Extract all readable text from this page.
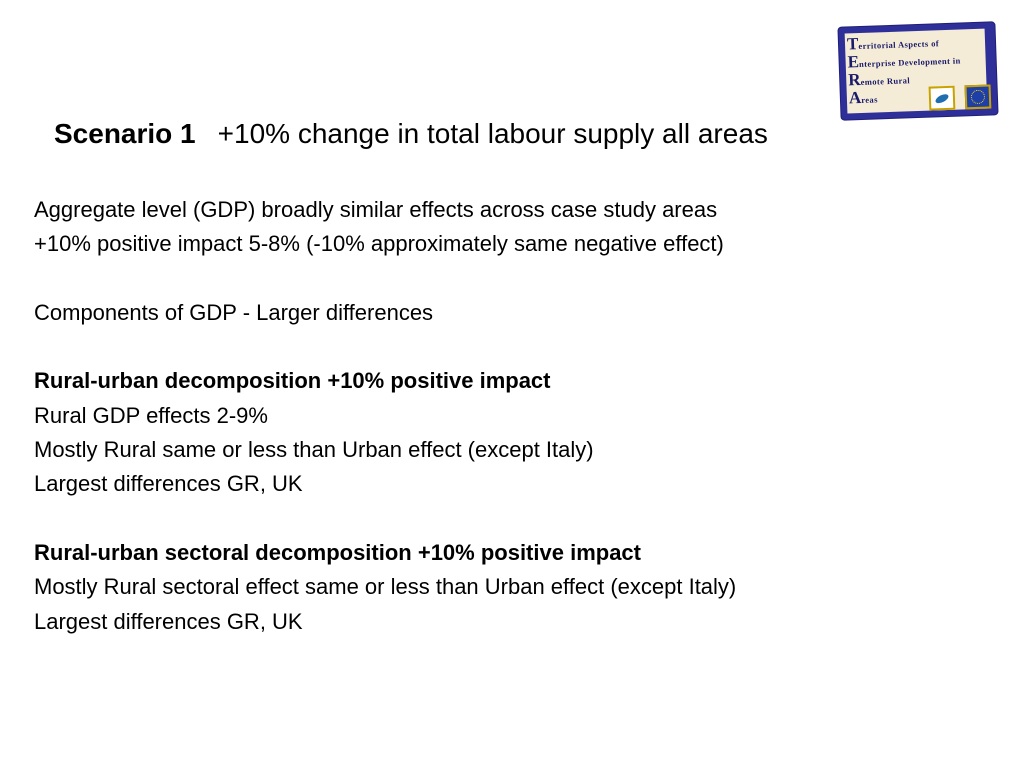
Territorial Aspects of
Enterprise Development in
Remote Rural
Areas
Scenario 1 +10% change in total labour supply all areas
Aggregate level (GDP) broadly similar effects across case study areas
+10% positive impact 5-8% (-10% approximately same negative effect)
Components of GDP - Larger differences
Rural-urban decomposition +10% positive impact
Rural GDP effects 2-9%
Mostly Rural same or less than Urban effect (except Italy)
Largest differences GR, UK
Rural-urban sectoral decomposition +10% positive impact
Mostly Rural sectoral effect same or less than Urban effect (except Italy)
Largest differences GR, UK
